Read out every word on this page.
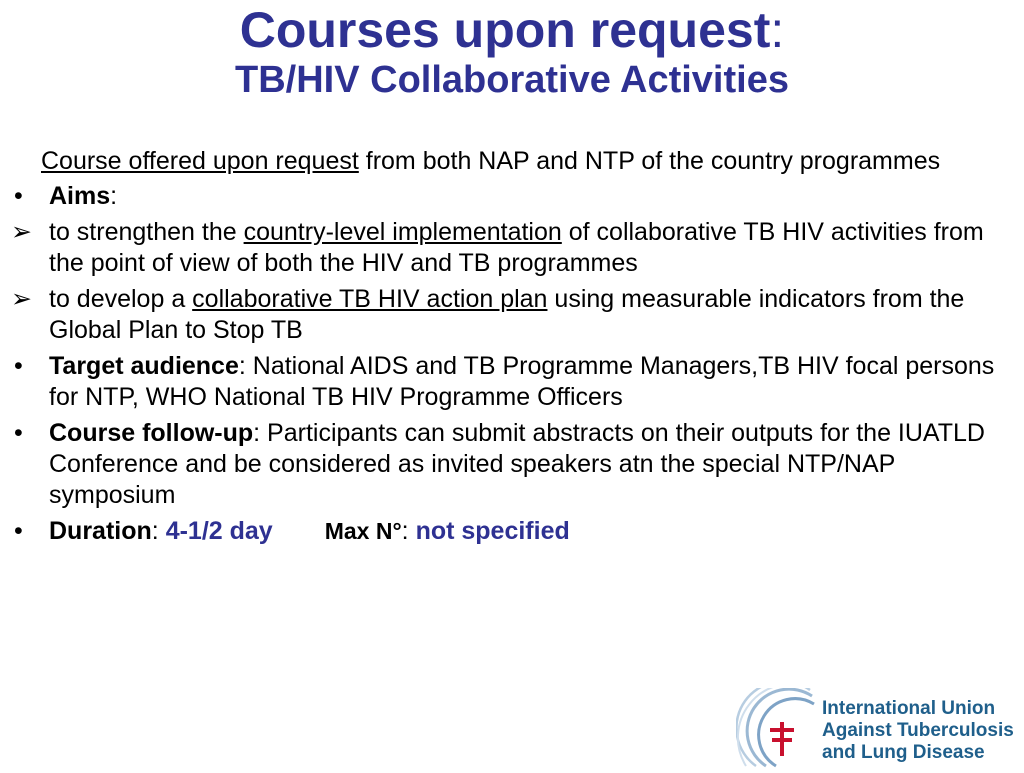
Courses upon request:
TB/HIV Collaborative Activities
Course offered upon request from both NAP and NTP of the country programmes
• Aims:
➢ to strengthen the country-level implementation of collaborative TB HIV activities from the point of view of both the HIV and TB programmes
➢ to develop a collaborative TB HIV action plan using measurable indicators from the Global Plan to Stop TB
• Target audience: National AIDS and TB Programme Managers,TB HIV focal persons for NTP, WHO National TB HIV Programme Officers
• Course follow-up: Participants can submit abstracts on their outputs for the IUATLD Conference and be considered as invited speakers atn the special NTP/NAP symposium
• Duration: 4-1/2 day Max N°: not specified
International Union
Against Tuberculosis
and Lung Disease
